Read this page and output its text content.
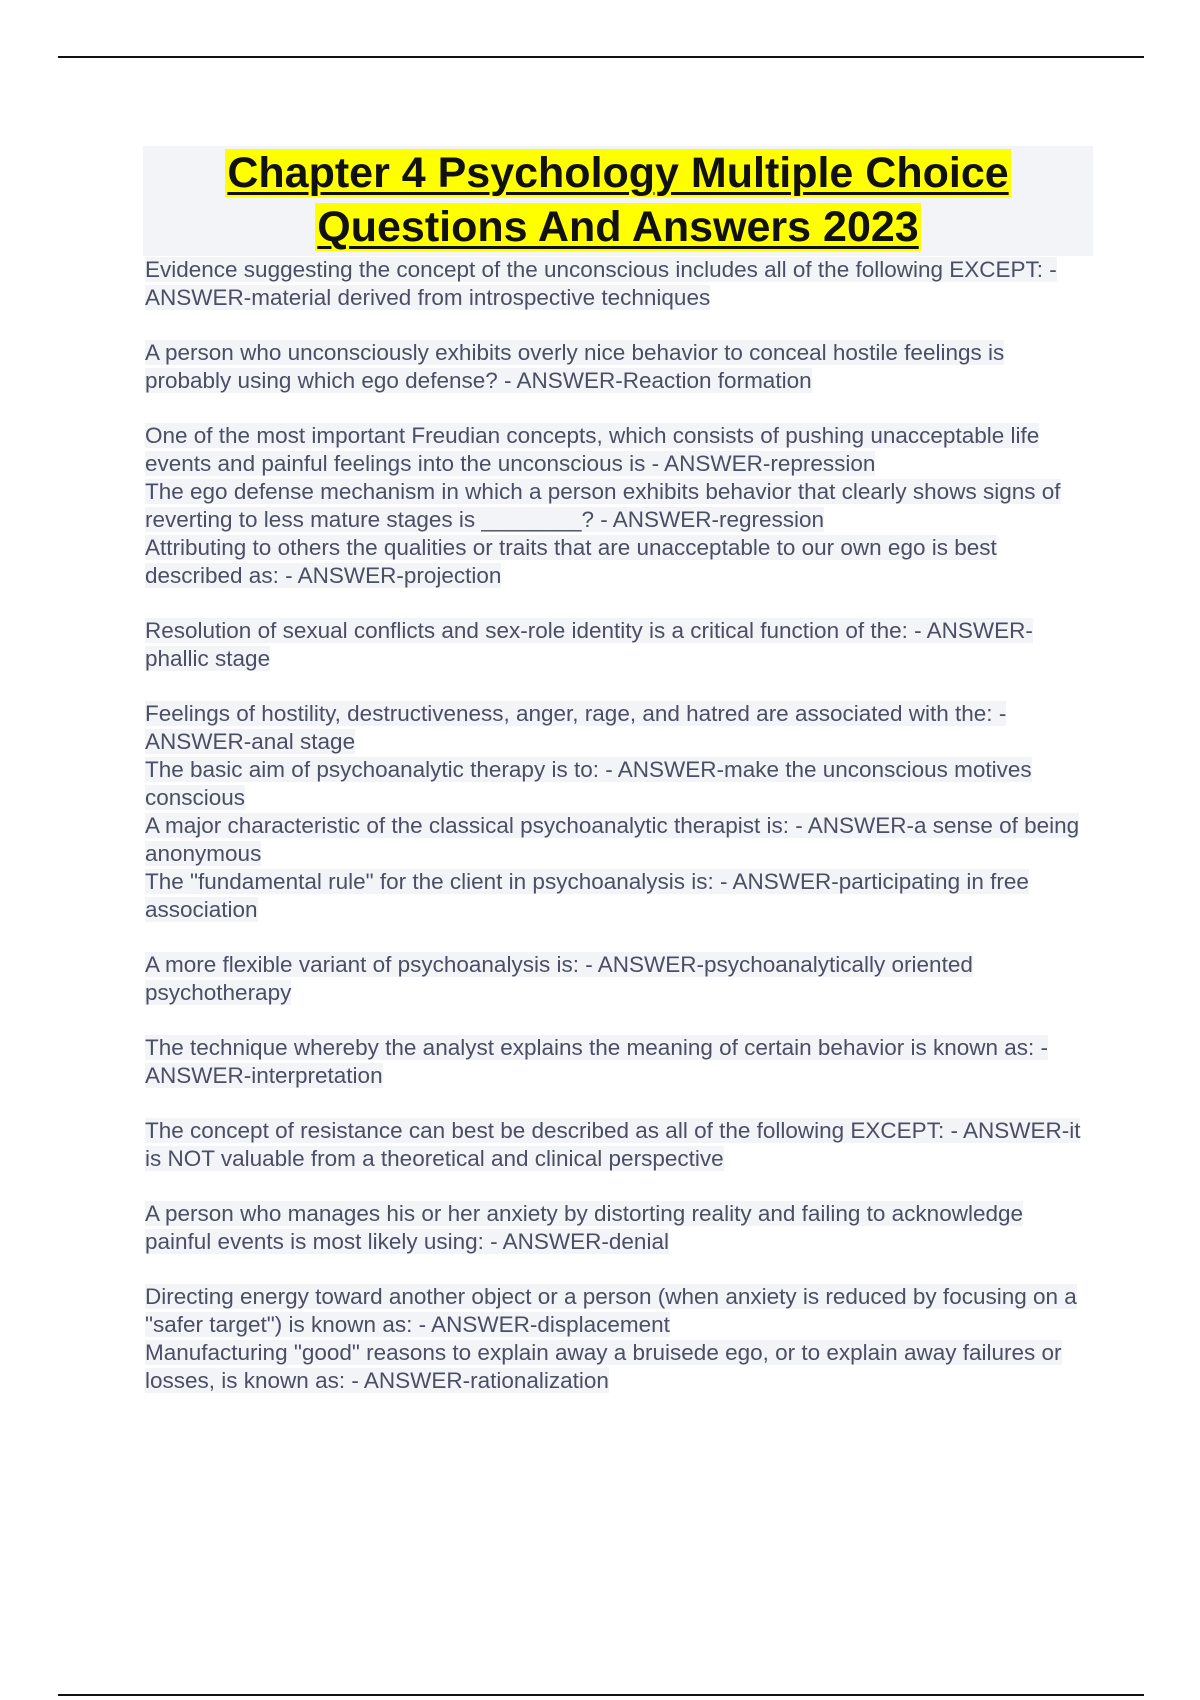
Chapter 4 Psychology Multiple Choice
Questions And Answers 2023
Evidence suggesting the concept of the unconscious includes all of the following EXCEPT: - ANSWER-material derived from introspective techniques
A person who unconsciously exhibits overly nice behavior to conceal hostile feelings is probably using which ego defense? - ANSWER-Reaction formation
One of the most important Freudian concepts, which consists of pushing unacceptable life events and painful feelings into the unconscious is - ANSWER-repression
The ego defense mechanism in which a person exhibits behavior that clearly shows signs of reverting to less mature stages is ________? - ANSWER-regression
Attributing to others the qualities or traits that are unacceptable to our own ego is best described as: - ANSWER-projection
Resolution of sexual conflicts and sex-role identity is a critical function of the: - ANSWER-phallic stage
Feelings of hostility, destructiveness, anger, rage, and hatred are associated with the: - ANSWER-anal stage
The basic aim of psychoanalytic therapy is to: - ANSWER-make the unconscious motives conscious
A major characteristic of the classical psychoanalytic therapist is: - ANSWER-a sense of being anonymous
The "fundamental rule" for the client in psychoanalysis is: - ANSWER-participating in free association
A more flexible variant of psychoanalysis is: - ANSWER-psychoanalytically oriented psychotherapy
The technique whereby the analyst explains the meaning of certain behavior is known as: - ANSWER-interpretation
The concept of resistance can best be described as all of the following EXCEPT: - ANSWER-it is NOT valuable from a theoretical and clinical perspective
A person who manages his or her anxiety by distorting reality and failing to acknowledge painful events is most likely using: - ANSWER-denial
Directing energy toward another object or a person (when anxiety is reduced by focusing on a "safer target") is known as: - ANSWER-displacement
Manufacturing "good" reasons to explain away a bruisede ego, or to explain away failures or losses, is known as: - ANSWER-rationalization
